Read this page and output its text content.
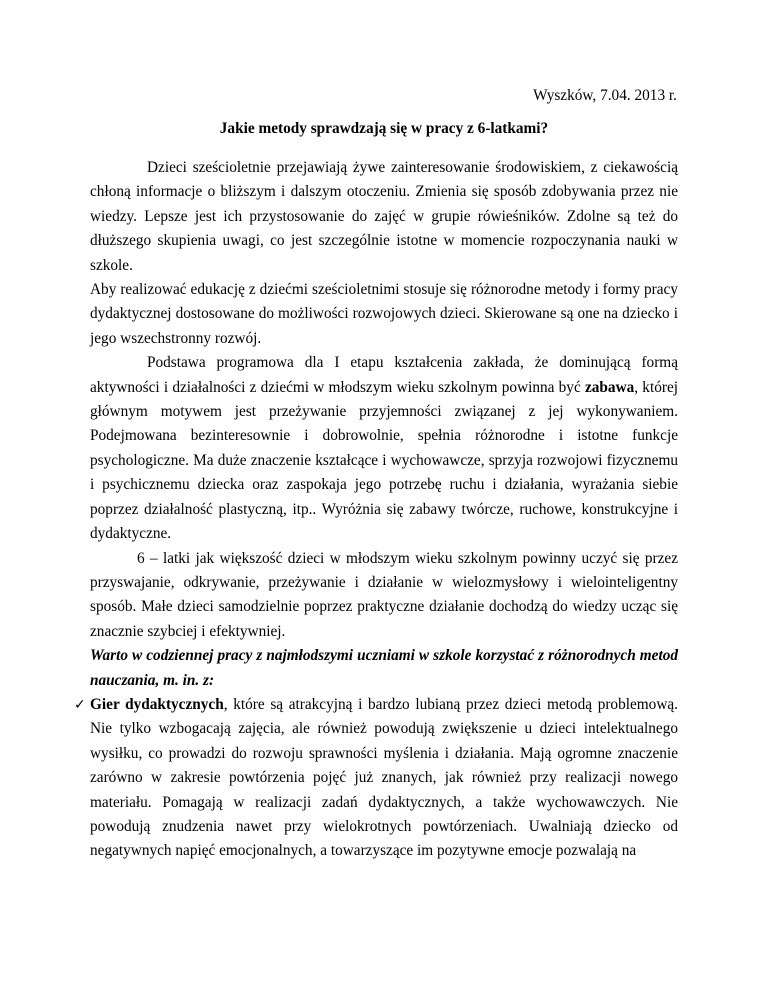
Wyszków, 7.04. 2013 r.
Jakie metody sprawdzają się w pracy z 6-latkami?

Dzieci sześcioletnie przejawiają żywe zainteresowanie środowiskiem, z ciekawością chłoną informacje o bliższym i dalszym otoczeniu. Zmienia się sposób zdobywania przez nie wiedzy. Lepsze jest ich przystosowanie do zajęć w grupie rówieśników. Zdolne są też do dłuższego skupienia uwagi, co jest szczególnie istotne w momencie rozpoczynania nauki w szkole.

Aby realizować edukację z dziećmi sześcioletnimi stosuje się różnorodne metody i formy pracy dydaktycznej dostosowane do możliwości rozwojowych dzieci. Skierowane są one na dziecko i jego wszechstronny rozwój.

Podstawa programowa dla I etapu kształcenia zakłada, że dominującą formą aktywności i działalności z dziećmi w młodszym wieku szkolnym powinna być zabawa, której głównym motywem jest przeżywanie przyjemności związanej z jej wykonywaniem. Podejmowana bezinteresownie i dobrowolnie, spełnia różnorodne i istotne funkcje psychologiczne. Ma duże znaczenie kształcące i wychowawcze, sprzyja rozwojowi fizycznemu i psychicznemu dziecka oraz zaspokaja jego potrzebę ruchu i działania, wyrażania siebie poprzez działalność plastyczną, itp.. Wyróżnia się zabawy twórcze, ruchowe, konstrukcyjne i dydaktyczne.

6 – latki jak większość dzieci w młodszym wieku szkolnym powinny uczyć się przez przyswajanie, odkrywanie, przeżywanie i działanie w wielozmysłowy i wielointeligentny sposób. Małe dzieci samodzielnie poprzez praktyczne działanie dochodzą do wiedzy ucząc się znacznie szybciej i efektywniej.

Warto w codziennej pracy z najmłodszymi uczniami w szkole korzystać z różnorodnych metod nauczania, m. in. z:

✓ Gier dydaktycznych, które są atrakcyjną i bardzo lubianą przez dzieci metodą problemową. Nie tylko wzbogacają zajęcia, ale również powodują zwiększenie u dzieci intelektualnego wysiłku, co prowadzi do rozwoju sprawności myślenia i działania. Mają ogromne znaczenie zarówno w zakresie powtórzenia pojęć już znanych, jak również przy realizacji nowego materiału. Pomagają w realizacji zadań dydaktycznych, a także wychowawczych. Nie powodują znudzenia nawet przy wielokrotnych powtórzeniach. Uwalniają dziecko od negatywnych napięć emocjonalnych, a towarzyszące im pozytywne emocje pozwalają na
